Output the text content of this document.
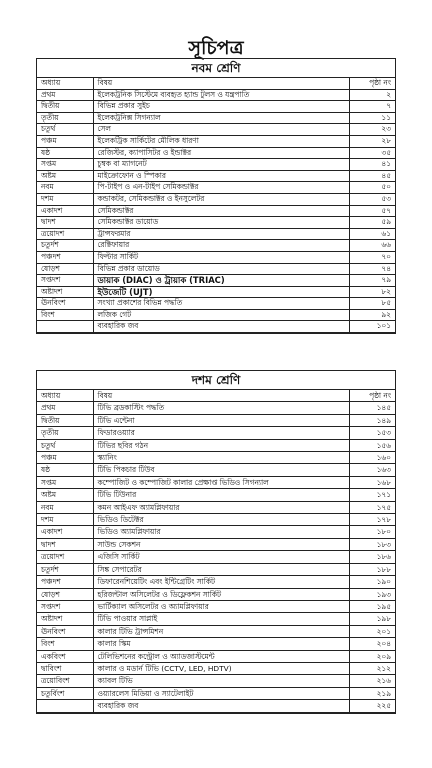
সূচিপত্র
নবম শ্রেণি
অধ্যায়	বিষয়	পৃষ্ঠা নং
প্রথম	ইলেকট্রনিক সিস্টেমে ব্যবহৃত হ্যান্ড টুলস ও যন্ত্রপাতি	২
দ্বিতীয়	বিভিন্ন প্রকার সুইচ	৭
তৃতীয়	ইলেকট্রনিক্স সিগন্যাল	১১
চতুর্থ	সেল	২৩
পঞ্চম	ইলেকট্রিক সার্কিটের মৌলিক ধারণা	২৮
ষষ্ঠ	রেজিস্টর, ক্যাপাসিটর ও ইন্ডাক্টর	৩৫
সপ্তম	চুম্বক বা ম্যাগনেট	৪১
অষ্টম	মাইক্রোফোন ও স্পিকার	৪৫
নবম	পি-টাইপ ও এন-টাইপ সেমিকন্ডাক্টর	৫০
দশম	কন্ডাকটর, সেমিকন্ডাক্টর ও ইনসুলেটর	৫৩
একাদশ	সেমিকন্ডাক্টর	৫৭
দ্বাদশ	সেমিকন্ডাক্টর ডায়োড	৫৯
ত্রয়োদশ	ট্রান্সফরমার	৬১
চতুর্দশ	রেক্টিফায়ার	৬৬
পঞ্চদশ	ফিল্টার সার্কিট	৭০
ষোড়শ	বিভিন্ন প্রকার ডায়োড	৭৪
সপ্তদশ	ডায়াক (DIAC) ও ট্রায়াক (TRIAC)	৭৯
অষ্টাদশ	ইউজেটি (UJT)	৮২
ঊনবিংশ	সংখ্যা প্রকাশের বিভিন্ন পদ্ধতি	৮৫
বিংশ	লজিক গেট	৯২
	ব্যবহারিক জব	১০১
দশম শ্রেণি
অধ্যায়	বিষয়	পৃষ্ঠা নং
প্রথম	টিভি ব্রডকাস্টিং পদ্ধতি	১৪৫
দ্বিতীয়	টিভি এন্টেনা	১৪৯
তৃতীয়	ফিডারওয়্যার	১৫৩
চতুর্থ	টিভির ছবির গঠন	১৫৬
পঞ্চম	স্ক্যানিং	১৬০
ষষ্ঠ	টিভি পিকচার টিউব	১৬৩
সপ্তম	কম্পোজিট ও কম্পোজিট কালার প্রেক্ষাপ্ত ভিডিও সিগন্যাল	১৬৮
অষ্টম	টিভি টিউনার	১৭১
নবম	কমন আইএফ অ্যামপ্লিফায়ার	১৭৫
দশম	ভিডিও ডিটেক্টর	১৭৮
একাদশ	ভিডিও অ্যামপ্লিফায়ার	১৮০
দ্বাদশ	সাউন্ড সেকশন	১৮৩
ত্রয়োদশ	এজিসি সার্কিট	১৮৬
চতুর্দশ	সিঙ্ক সেপারেটর	১৮৮
পঞ্চদশ	ডিফারেনশিয়েটিং এবং ইন্টিগ্রেটিং সার্কিট	১৯০
ষোড়শ	হরিজন্টাল অসিলেটর ও ডিফ্লেকশন সার্কিট	১৯৩
সপ্তদশ	ভার্টিক্যাল অসিলেটর ও অ্যামপ্লিফায়ার	১৯৫
অষ্টাদশ	টিভি পাওয়ার সাপ্লাই	১৯৮
ঊনবিংশ	কালার টিভি ট্রান্সমিশন	২০১
বিংশ	কালার স্কিম	২০৪
একবিংশ	টেলিভিশনের কন্ট্রোল ও অ্যাডজাস্টমেন্ট	২০৯
দ্বাবিংশ	কালার ও মডার্ন টিভি (CCTV, LED, HDTV)	২১২
ত্রয়োবিংশ	ক্যাবল টিভি	২১৬
চতুর্বিংশ	ওয়্যারলেস মিডিয়া ও স্যাটেলাইট	২১৯
	ব্যবহারিক জব	২২৫
